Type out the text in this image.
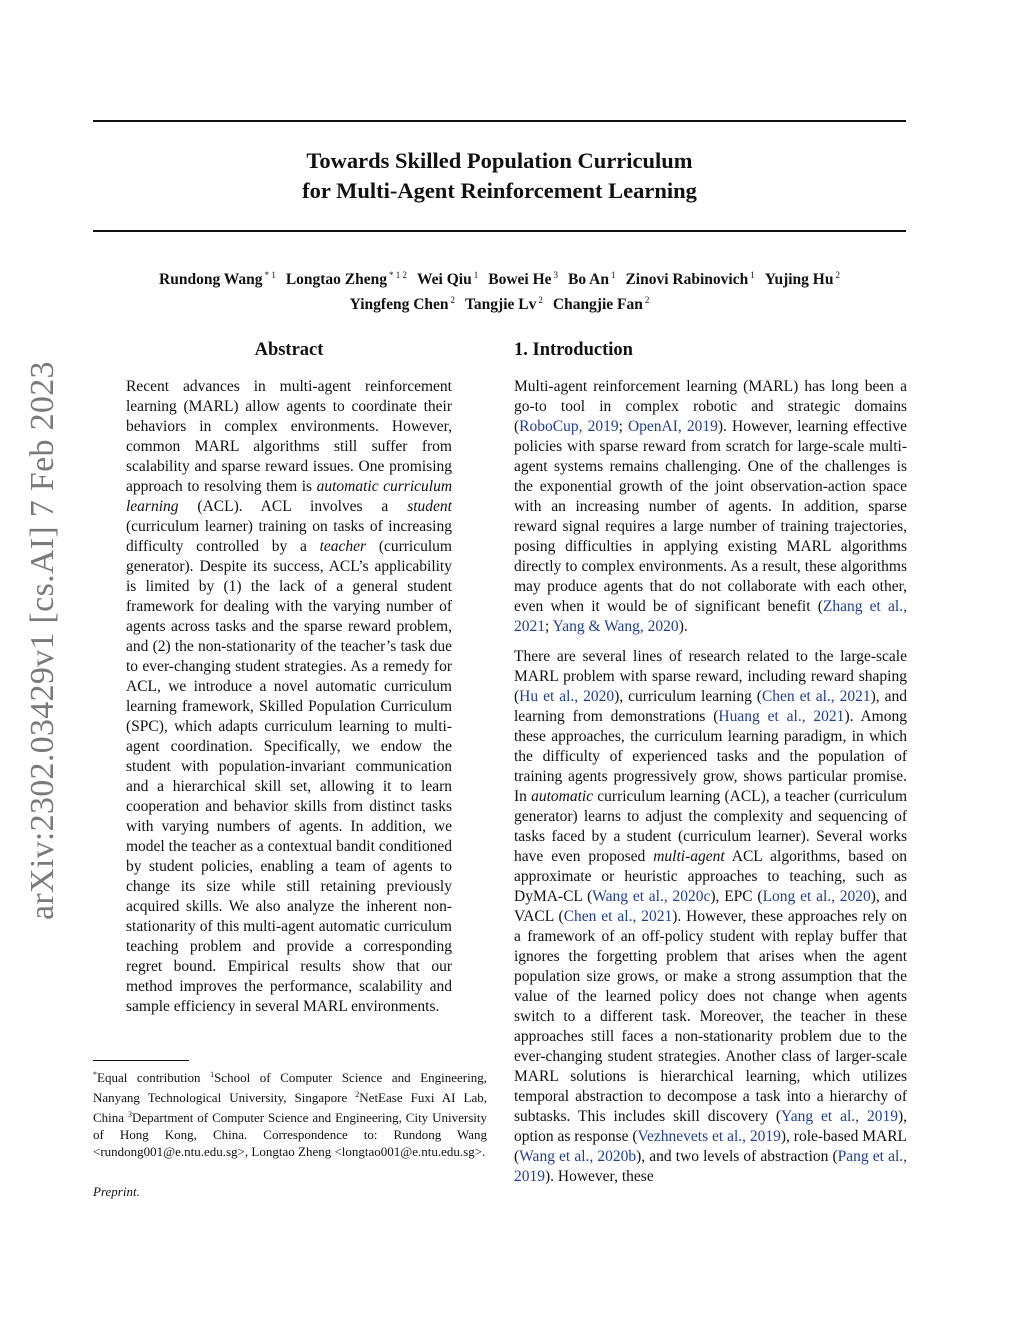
Towards Skilled Population Curriculum
for Multi-Agent Reinforcement Learning
Rundong Wang $^{* 1}$ Longtao Zheng $^{* 1 2}$ Wei Qiu $^1$ Bowei He $^3$ Bo An $^1$ Zinovi Rabinovich $^1$ Yujing Hu $^2$
Yingfeng Chen $^2$ Tangjie Lv $^2$ Changjie Fan $^2$
arXiv:2302.03429v1 [cs.AI] 7 Feb 2023
Abstract

Recent advances in multi-agent reinforcement learning (MARL) allow agents to coordinate their behaviors in complex environments. However, common MARL algorithms still suffer from scalability and sparse reward issues. One promising approach to resolving them is automatic curriculum learning (ACL). ACL involves a student (curriculum learner) training on tasks of increasing difficulty controlled by a teacher (curriculum generator). Despite its success, ACL’s applicability is limited by (1) the lack of a general student framework for dealing with the varying number of agents across tasks and the sparse reward problem, and (2) the non-stationarity of the teacher’s task due to ever-changing student strategies. As a remedy for ACL, we introduce a novel automatic curriculum learning framework, Skilled Population Curriculum (SPC), which adapts curriculum learning to multi-agent coordination. Specifically, we endow the student with population-invariant communication and a hierarchical skill set, allowing it to learn cooperation and behavior skills from distinct tasks with varying numbers of agents. In addition, we model the teacher as a contextual bandit conditioned by student policies, enabling a team of agents to change its size while still retaining previously acquired skills. We also analyze the inherent non-stationarity of this multi-agent automatic curriculum teaching problem and provide a corresponding regret bound. Empirical results show that our method improves the performance, scalability and sample efficiency in several MARL environments.

1. Introduction

Multi-agent reinforcement learning (MARL) has long been a go-to tool in complex robotic and strategic domains (RoboCup, 2019; OpenAI, 2019). However, learning effective policies with sparse reward from scratch for large-scale multi-agent systems remains challenging. One of the challenges is the exponential growth of the joint observation-action space with an increasing number of agents. In addition, sparse reward signal requires a large number of training trajectories, posing difficulties in applying existing MARL algorithms directly to complex environments. As a result, these algorithms may produce agents that do not collaborate with each other, even when it would be of significant benefit (Zhang et al., 2021; Yang & Wang, 2020).

There are several lines of research related to the large-scale MARL problem with sparse reward, including reward shaping (Hu et al., 2020), curriculum learning (Chen et al., 2021), and learning from demonstrations (Huang et al., 2021). Among these approaches, the curriculum learning paradigm, in which the difficulty of experienced tasks and the population of training agents progressively grow, shows particular promise. In automatic curriculum learning (ACL), a teacher (curriculum generator) learns to adjust the complexity and sequencing of tasks faced by a student (curriculum learner). Several works have even proposed multi-agent ACL algorithms, based on approximate or heuristic approaches to teaching, such as DyMA-CL (Wang et al., 2020c), EPC (Long et al., 2020), and VACL (Chen et al., 2021). However, these approaches rely on a framework of an off-policy student with replay buffer that ignores the forgetting problem that arises when the agent population size grows, or make a strong assumption that the value of the learned policy does not change when agents switch to a different task. Moreover, the teacher in these approaches still faces a non-stationarity problem due to the ever-changing student strategies. Another class of larger-scale MARL solutions is hierarchical learning, which utilizes temporal abstraction to decompose a task into a hierarchy of subtasks. This includes skill discovery (Yang et al., 2019), option as response (Vezhnevets et al., 2019), role-based MARL (Wang et al., 2020b), and two levels of abstraction (Pang et al., 2019). However, these

*Equal contribution $^1$School of Computer Science and Engineering, Nanyang Technological University, Singapore $^2$NetEase Fuxi AI Lab, China $^3$Department of Computer Science and Engineering, City University of Hong Kong, China. Correspondence to: Rundong Wang <rundong001@e.ntu.edu.sg>, Longtao Zheng <longtao001@e.ntu.edu.sg>.
Preprint.
